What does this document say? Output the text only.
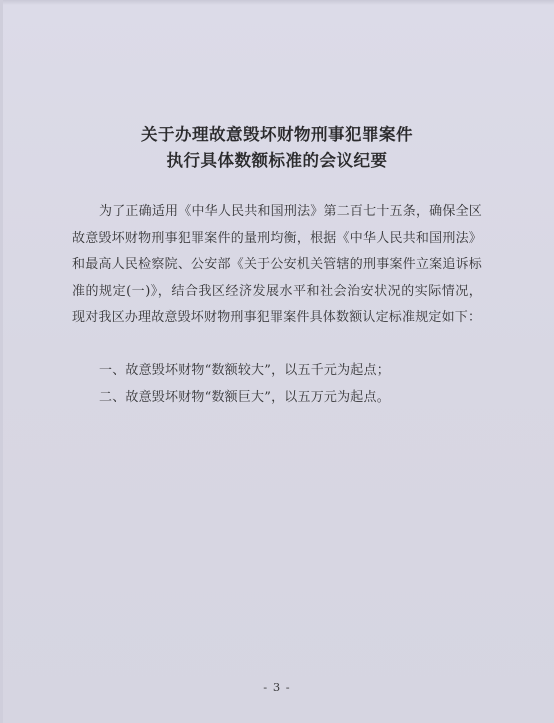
关于办理故意毁坏财物刑事犯罪案件
执行具体数额标准的会议纪要

为了正确适用《中华人民共和国刑法》第二百七十五条，确保全区故意毁坏财物刑事犯罪案件的量刑均衡，根据《中华人民共和国刑法》和最高人民检察院、公安部《关于公安机关管辖的刑事案件立案追诉标准的规定(一)》，结合我区经济发展水平和社会治安状况的实际情况，现对我区办理故意毁坏财物刑事犯罪案件具体数额认定标准规定如下：

一、故意毁坏财物“数额较大”，以五千元为起点；

二、故意毁坏财物“数额巨大”，以五万元为起点。

- 3 -
